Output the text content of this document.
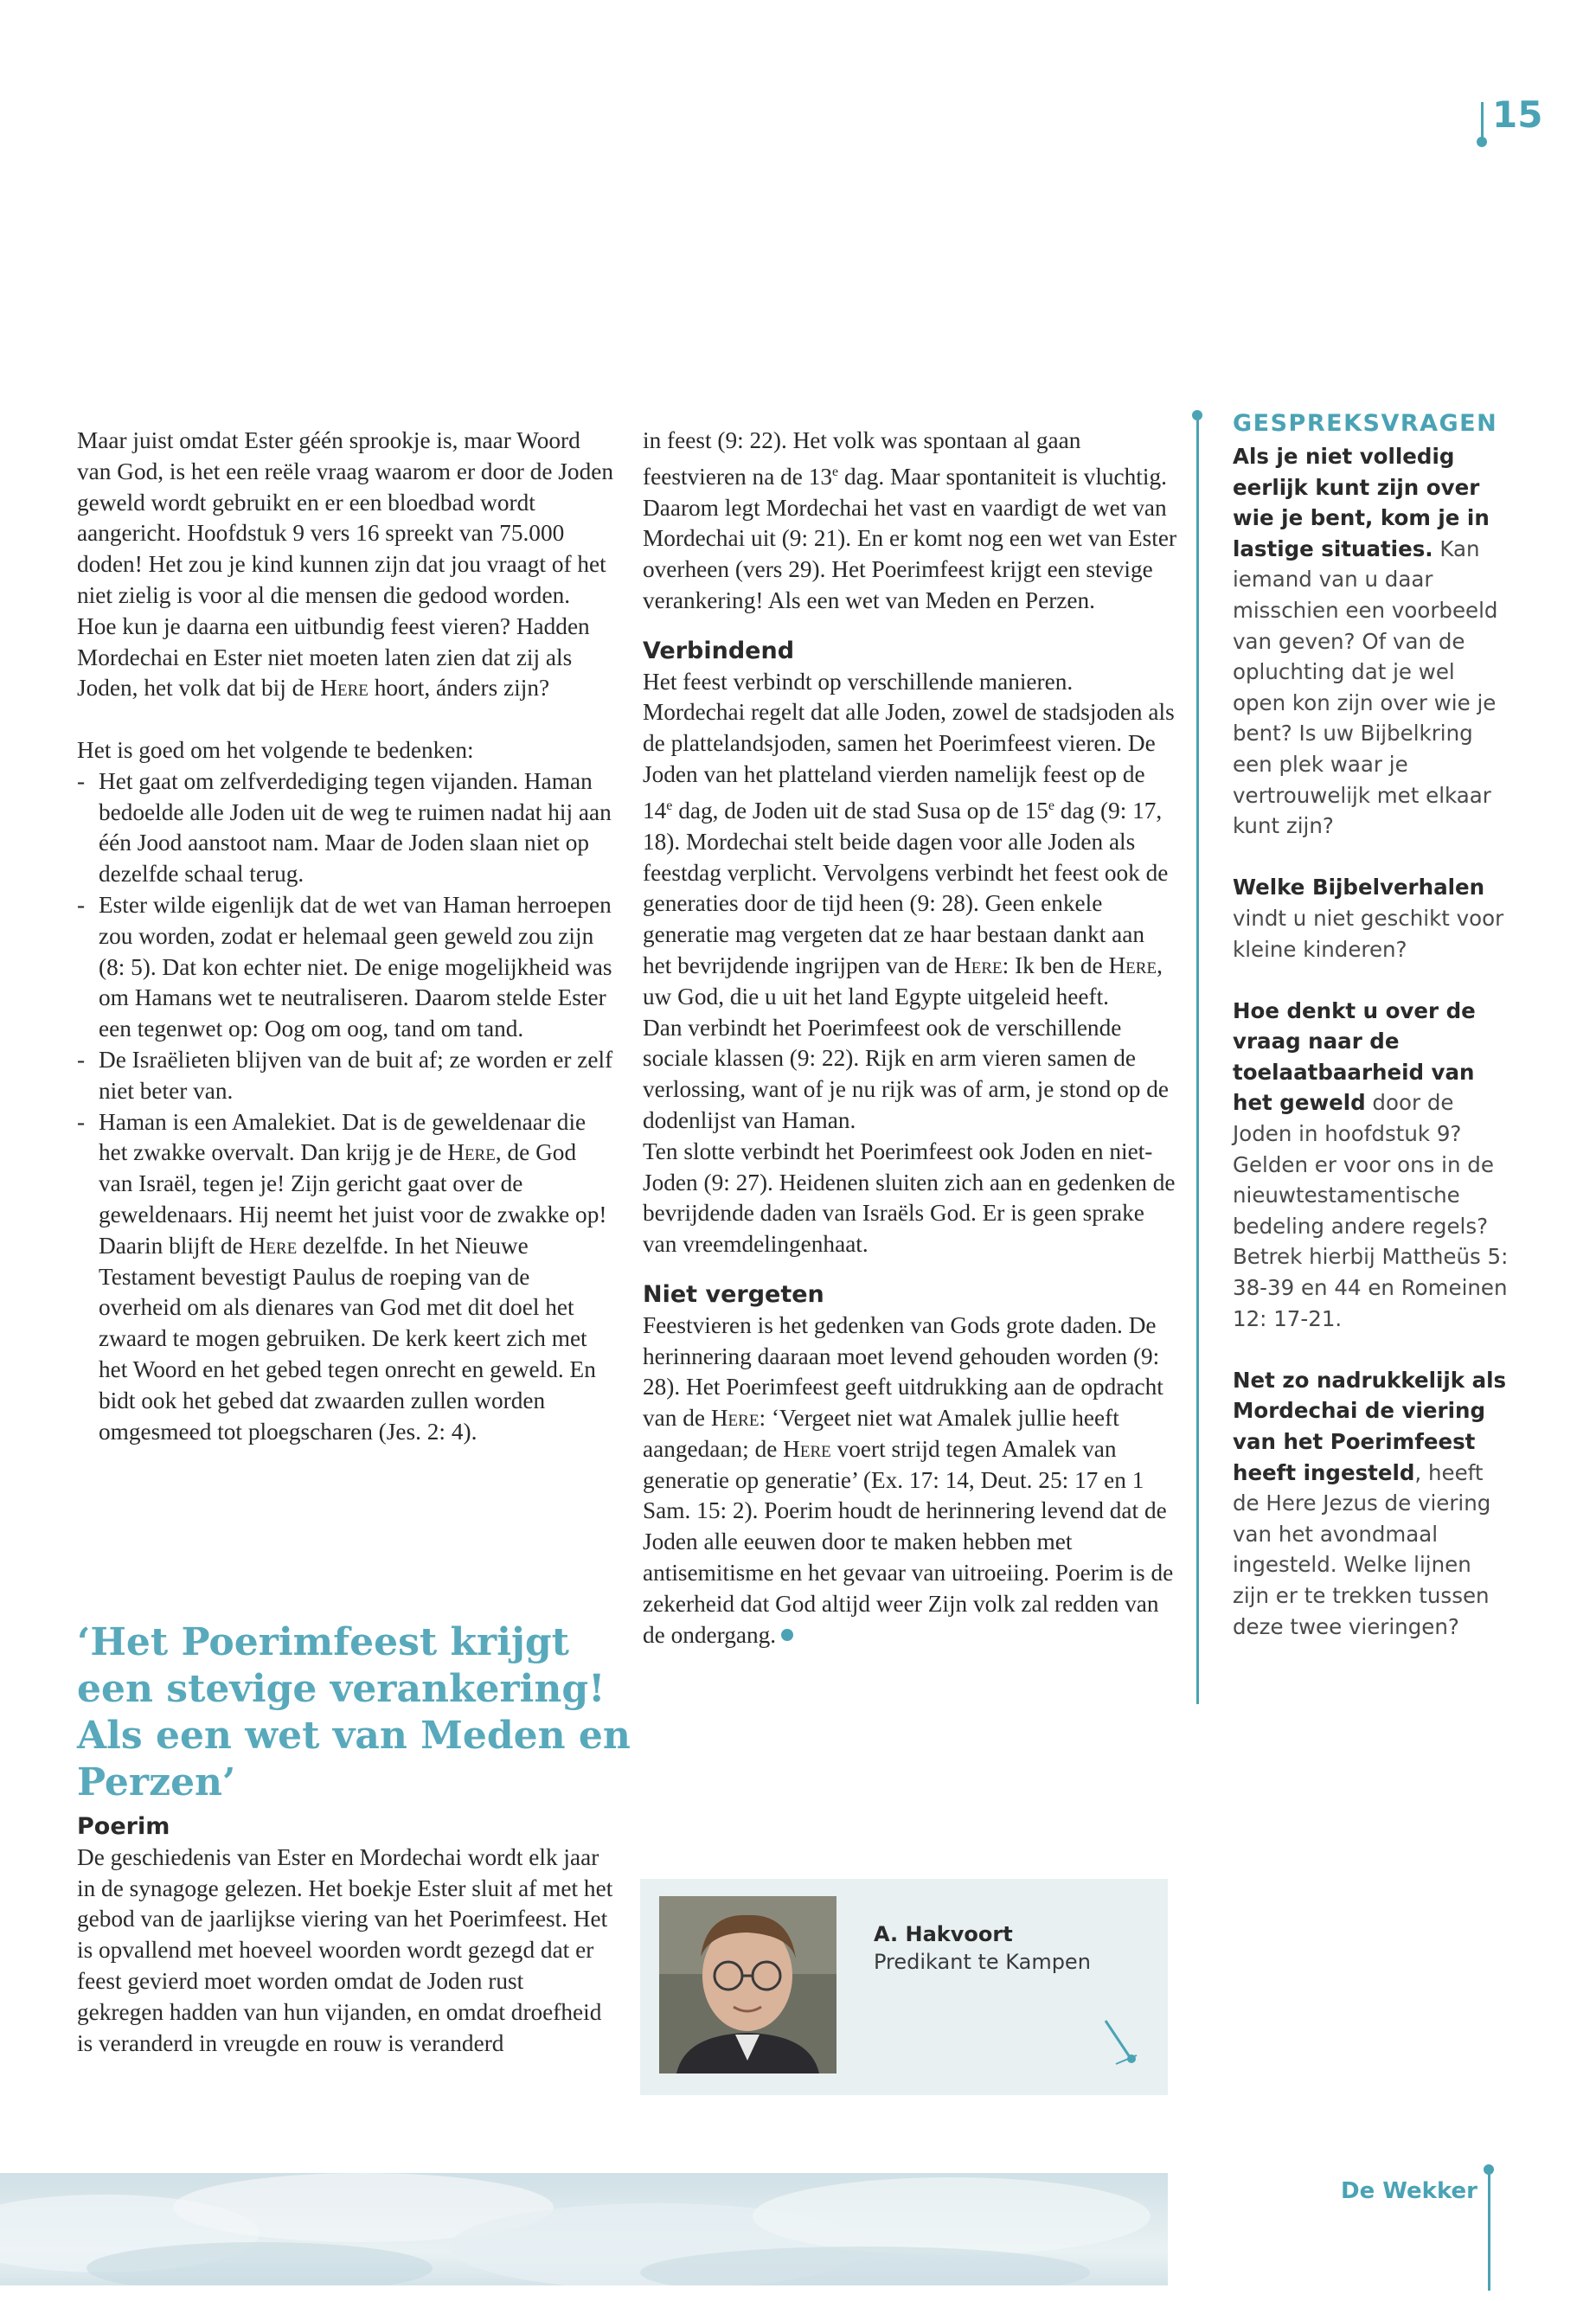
15

Maar juist omdat Ester géén sprookje is, maar Woord van God, is het een reële vraag waarom er door de Joden geweld wordt gebruikt en er een bloedbad wordt aangericht. Hoofdstuk 9 vers 16 spreekt van 75.000 doden! Het zou je kind kunnen zijn dat jou vraagt of het niet zielig is voor al die mensen die gedood worden. Hoe kun je daarna een uitbundig feest vieren? Hadden Mordechai en Ester niet moeten laten zien dat zij als Joden, het volk dat bij de Here hoort, ánders zijn?

Het is goed om het volgende te bedenken:

- Het gaat om zelfverdediging tegen vijanden. Haman bedoelde alle Joden uit de weg te ruimen nadat hij aan één Jood aanstoot nam. Maar de Joden slaan niet op dezelfde schaal terug.
- Ester wilde eigenlijk dat de wet van Haman herroepen zou worden, zodat er helemaal geen geweld zou zijn (8: 5). Dat kon echter niet. De enige mogelijkheid was om Hamans wet te neutraliseren. Daarom stelde Ester een tegenwet op: Oog om oog, tand om tand.
- De Israëlieten blijven van de buit af; ze worden er zelf niet beter van.
- Haman is een Amalekiet. Dat is de geweldenaar die het zwakke overvalt. Dan krijg je de Here, de God van Israël, tegen je! Zijn gericht gaat over de geweldenaars. Hij neemt het juist voor de zwakke op! Daarin blijft de Here dezelfde. In het Nieuwe Testament bevestigt Paulus de roeping van de overheid om als dienares van God met dit doel het zwaard te mogen gebruiken. De kerk keert zich met het Woord en het gebed tegen onrecht en geweld. En bidt ook het gebed dat zwaarden zullen worden omgesmeed tot ploegscharen (Jes. 2: 4).
‘Het Poerimfeest krijgt een stevige verankering! Als een wet van Meden en Perzen’

Poerim

De geschiedenis van Ester en Mordechai wordt elk jaar in de synagoge gelezen. Het boekje Ester sluit af met het gebod van de jaarlijkse viering van het Poerimfeest. Het is opvallend met hoeveel woorden wordt gezegd dat er feest gevierd moet worden omdat de Joden rust gekregen hadden van hun vijanden, en omdat droefheid is veranderd in vreugde en rouw is veranderd

in feest (9: 22). Het volk was spontaan al gaan feestvieren na de 13e dag. Maar spontaniteit is vluchtig. Daarom legt Mordechai het vast en vaardigt de wet van Mordechai uit (9: 21). En er komt nog een wet van Ester overheen (vers 29). Het Poerimfeest krijgt een stevige verankering! Als een wet van Meden en Perzen.

Verbindend

Het feest verbindt op verschillende manieren. Mordechai regelt dat alle Joden, zowel de stadsjoden als de plattelandsjoden, samen het Poerimfeest vieren. De Joden van het platteland vierden namelijk feest op de 14e dag, de Joden uit de stad Susa op de 15e dag (9: 17, 18). Mordechai stelt beide dagen voor alle Joden als feestdag verplicht. Vervolgens verbindt het feest ook de generaties door de tijd heen (9: 28). Geen enkele generatie mag vergeten dat ze haar bestaan dankt aan het bevrijdende ingrijpen van de Here: Ik ben de Here, uw God, die u uit het land Egypte uitgeleid heeft.

Dan verbindt het Poerimfeest ook de verschillende sociale klassen (9: 22). Rijk en arm vieren samen de verlossing, want of je nu rijk was of arm, je stond op de dodenlijst van Haman.

Ten slotte verbindt het Poerimfeest ook Joden en niet-Joden (9: 27). Heidenen sluiten zich aan en gedenken de bevrijdende daden van Israëls God. Er is geen sprake van vreemdelingenhaat.

Niet vergeten

Feestvieren is het gedenken van Gods grote daden. De herinnering daaraan moet levend gehouden worden (9: 28). Het Poerimfeest geeft uitdrukking aan de opdracht van de Here: ‘Vergeet niet wat Amalek jullie heeft aangedaan; de Here voert strijd tegen Amalek van generatie op generatie’ (Ex. 17: 14, Deut. 25: 17 en 1 Sam. 15: 2). Poerim houdt de herinnering levend dat de Joden alle eeuwen door te maken hebben met antisemitisme en het gevaar van uitroeiing. Poerim is de zekerheid dat God altijd weer Zijn volk zal redden van de ondergang.

GESPREKSVRAGEN

Als je niet volledig eerlijk kunt zijn over wie je bent, kom je in lastige situaties. Kan iemand van u daar misschien een voorbeeld van geven? Of van de opluchting dat je wel open kon zijn over wie je bent? Is uw Bijbelkring een plek waar je vertrouwelijk met elkaar kunt zijn?

Welke Bijbelverhalen vindt u niet geschikt voor kleine kinderen?

Hoe denkt u over de vraag naar de toelaatbaarheid van het geweld door de Joden in hoofdstuk 9? Gelden er voor ons in de nieuwtestamentische bedeling andere regels? Betrek hierbij Mattheüs 5: 38-39 en 44 en Romeinen 12: 17-21.

Net zo nadrukkelijk als Mordechai de viering van het Poerimfeest heeft ingesteld, heeft de Here Jezus de viering van het avondmaal ingesteld. Welke lijnen zijn er te trekken tussen deze twee vieringen?

A. Hakvoort
Predikant te Kampen
De Wekker
